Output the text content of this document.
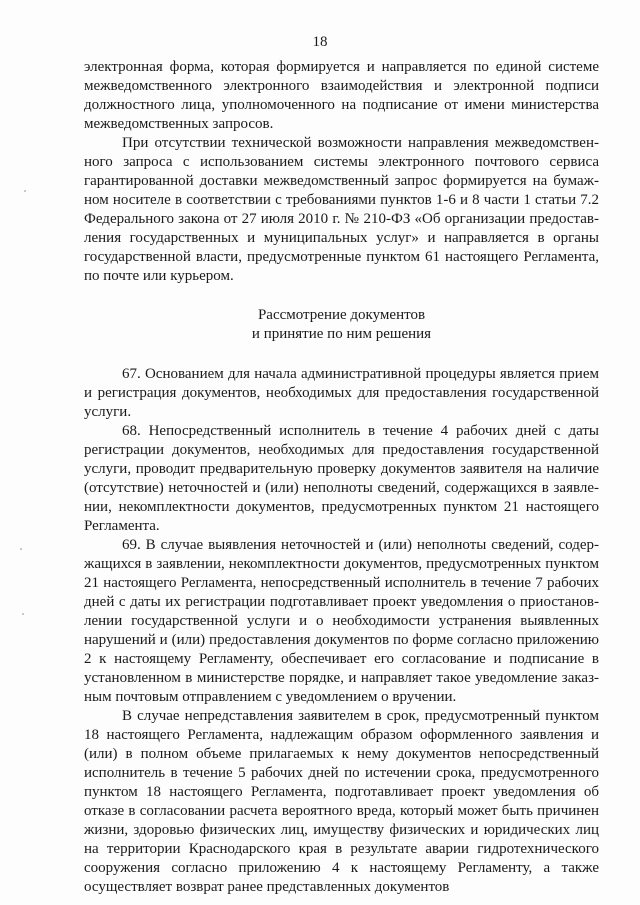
18

электронная форма, которая формируется и направляется по единой системе межведомственного электронного взаимодействия и электронной подписи должностного лица, уполномоченного на подписание от имени министерства межведомственных запросов.

При отсутствии технической возможности направления межведомственного запроса с использованием системы электронного почтового сервиса гарантированной доставки межведомственный запрос формируется на бумажном носителе в соответствии с требованиями пунктов 1-6 и 8 части 1 статьи 7.2 Федерального закона от 27 июля 2010 г. № 210-ФЗ «Об организации предоставления государственных и муниципальных услуг» и направляется в органы государственной власти, предусмотренные пунктом 61 настоящего Регламента, по почте или курьером.

Рассмотрение документов
и принятие по ним решения

67. Основанием для начала административной процедуры является прием и регистрация документов, необходимых для предоставления государственной услуги.

68. Непосредственный исполнитель в течение 4 рабочих дней с даты регистрации документов, необходимых для предоставления государственной услуги, проводит предварительную проверку документов заявителя на наличие (отсутствие) неточностей и (или) неполноты сведений, содержащихся в заявлении, некомплектности документов, предусмотренных пунктом 21 настоящего Регламента.

69. В случае выявления неточностей и (или) неполноты сведений, содержащихся в заявлении, некомплектности документов, предусмотренных пунктом 21 настоящего Регламента, непосредственный исполнитель в течение 7 рабочих дней с даты их регистрации подготавливает проект уведомления о приостановлении государственной услуги и о необходимости устранения выявленных нарушений и (или) предоставления документов по форме согласно приложению 2 к настоящему Регламенту, обеспечивает его согласование и подписание в установленном в министерстве порядке, и направляет такое уведомление заказным почтовым отправлением с уведомлением о вручении.

В случае непредставления заявителем в срок, предусмотренный пунктом 18 настоящего Регламента, надлежащим образом оформленного заявления и (или) в полном объеме прилагаемых к нему документов непосредственный исполнитель в течение 5 рабочих дней по истечении срока, предусмотренного пунктом 18 настоящего Регламента, подготавливает проект уведомления об отказе в согласовании расчета вероятного вреда, который может быть причинен жизни, здоровью физических лиц, имуществу физических и юридических лиц на территории Краснодарского края в результате аварии гидротехнического сооружения согласно приложению 4 к настоящему Регламенту, а также осуществляет возврат ранее представленных документов
